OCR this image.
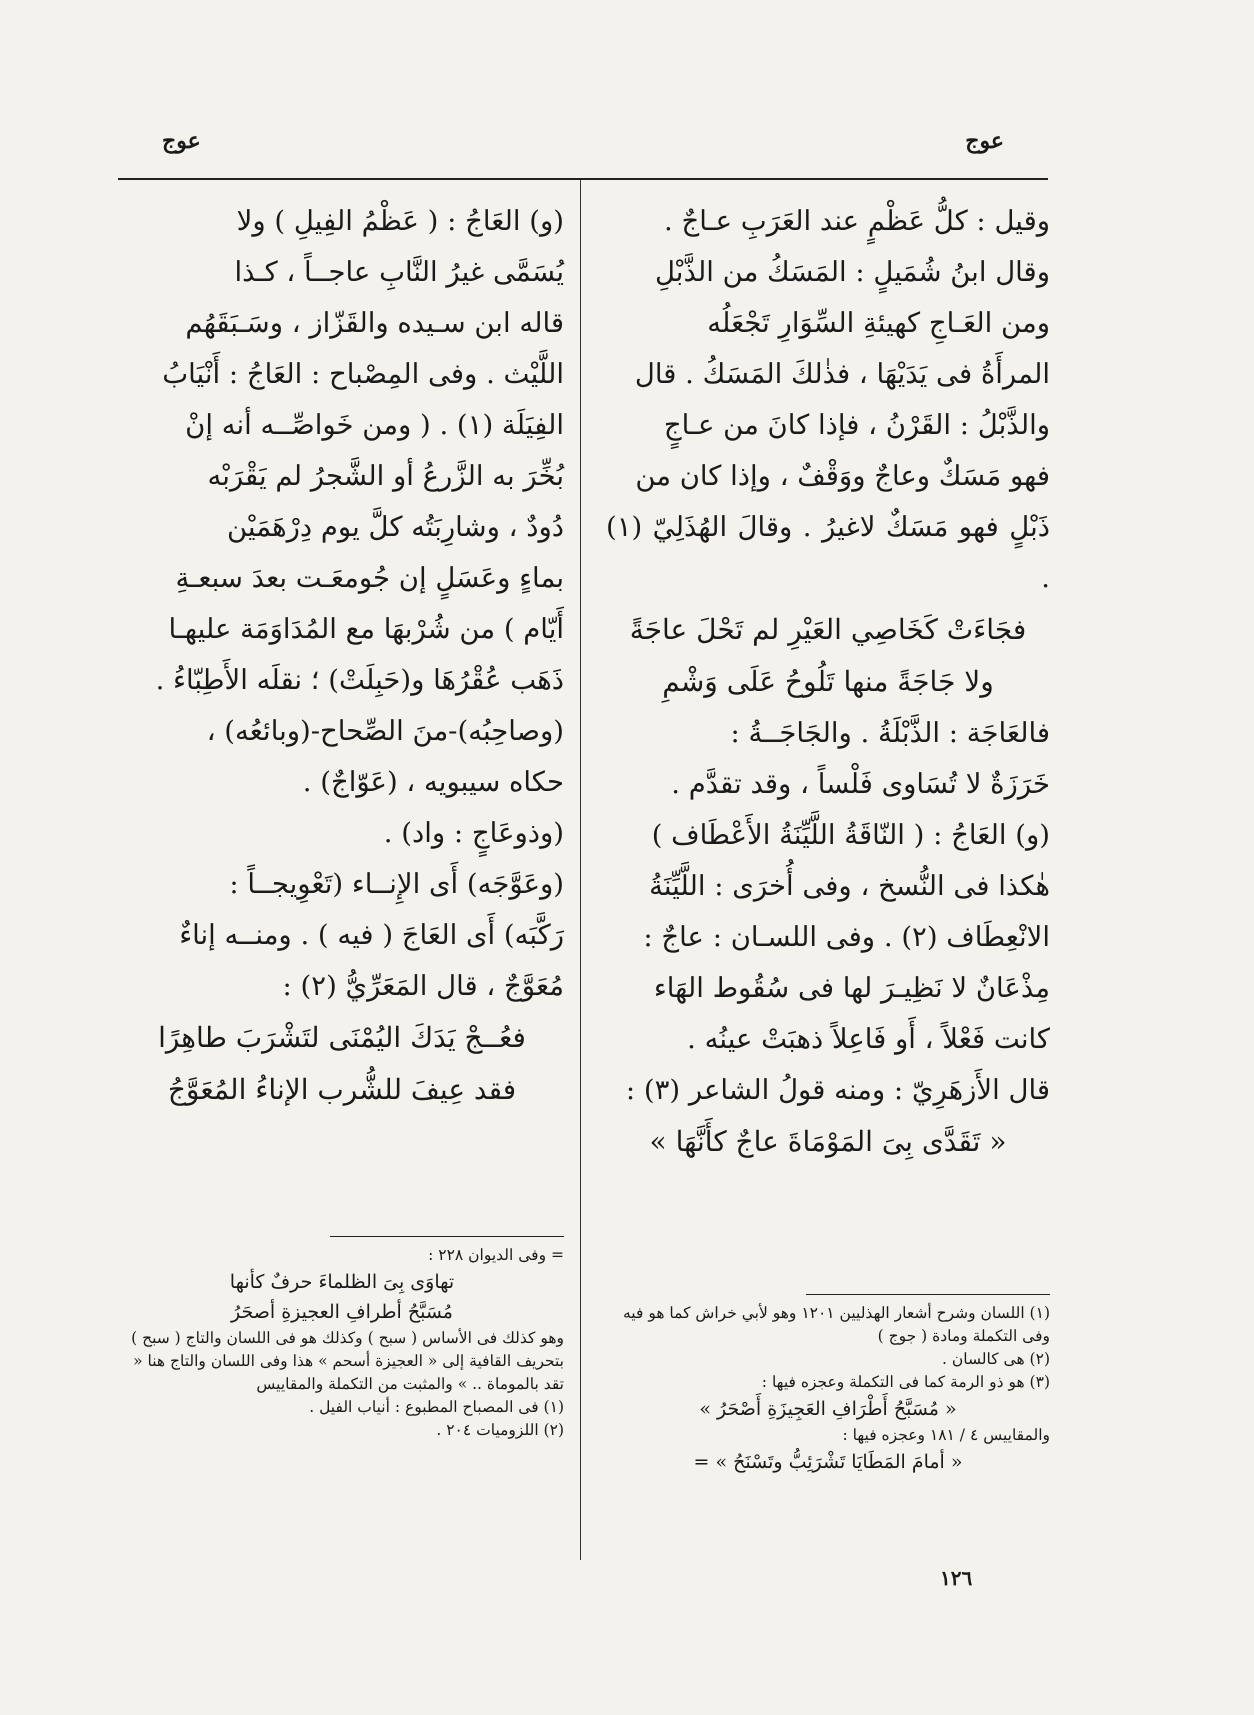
عوج
عوج

وقيل : كلُّ عَظْمٍ عند العَرَبِ عـاجٌ .

وقال ابنُ شُمَيلٍ : المَسَكُ من الذَّبْلِ

ومن العَـاجِ كهيئةِ السِّوَارِ تَجْعَلُه

المرأَةُ فى يَدَيْهَا ، فذٰلكَ المَسَكُ . قال

والذَّبْلُ : القَرْنُ ، فإذا كانَ من عـاجٍ

فهو مَسَكٌ وعاجٌ ووَقْفٌ ، وإذا كان من

ذَبْلٍ فهو مَسَكٌ لاغيرُ . وقالَ الهُذَلِيّ (١) .

فجَاءَتْ كَخَاصِي العَيْرِ لم تَحْلَ عاجَةً

ولا جَاجَةً منها تَلُوحُ عَلَى وَشْمِ

فالعَاجَة : الذَّبْلَةُ . والجَاجَــةُ :

خَرَزَةٌ لا تُسَاوى فَلْساً ، وقد تقدَّم .

(و) العَاجُ : ( النّاقَةُ اللَّيِّنَةُ الأَعْطَاف )

هٰكذا فى النُّسخ ، وفى أُخرَى : اللَّيِّنَةُ

الانْعِطَاف (٢) . وفى اللسـان : عاجٌ :

مِذْعَانٌ لا نَظِيـرَ لها فى سُقُوط الهَاء

كانت فَعْلاً ، أَو فَاعِلاً ذهبَتْ عينُه .

قال الأَزهَرِيّ : ومنه قولُ الشاعر (٣) :

« تَقَدَّى بِىَ المَوْمَاةَ عاجٌ كأَنَّهَا »

(و) العَاجُ : ( عَظْمُ الفِيلِ ) ولا

يُسَمَّى غيرُ النَّابِ عاجــاً ، كـذا

قاله ابن سـيده والقَزّاز ، وسَـبَقَهُم

اللَّيْث . وفى المِصْباح : العَاجُ : أَنْيَابُ

الفِيَلَة (١) . ( ومن خَواصِّــه أنه إنْ

بُخِّرَ به الزَّرعُ أو الشَّجرُ لم يَقْرَبْه

دُودٌ ، وشارِبَتُه كلَّ يوم دِرْهَمَيْن

بماءٍ وعَسَلٍ إن جُومعَـت بعدَ سبعـةِ

أَيّام ) من شُرْبهَا مع المُدَاوَمَة عليهـا

ذَهَب عُقْرُهَا و(حَبِلَتْ) ؛ نقلَه الأَطِبّاءُ .

(وصاحِبُه)-منَ الصِّحاح-(وبائعُه) ،

حكاه سيبويه ، (عَوّاجٌ) .

(وذوعَاجٍ : واد) .

(وعَوَّجَه) أَى الإِنــاء (تَعْوِيجــاً :

رَكَّبَه) أَى العَاجَ ( فيه ) . ومنــه إناءٌ

مُعَوَّجٌ ، قال المَعَرِّيُّ (٢) :

فعُــجْ يَدَكَ اليُمْنَى لتَشْرَبَ طاهِرًا

فقد عِيفَ للشُّرب الإناءُ المُعَوَّجُ

(١) اللسان وشرح أشعار الهذليين ١٢٠١ وهو لأبي خراش كما هو فيه وفى التكملة ومادة ( جوج )

(٢) هى كالسان .

(٣) هو ذو الرمة كما فى التكملة وعجزه فيها :

« مُسَبَّحُ أَطْرَافِ العَجِيزَةِ أَصْحَرُ »

والمقاييس ٤ / ١٨١ وعجزه فيها :

« أمامَ المَطَايَا تَشْرَئِبُّ وتَسْنَحُ » =

= وفى الديوان ٢٢٨ :

تهاوَى بِىَ الظلماءَ حرفٌ كأنها

مُسَبَّحُ أطرافِ العجيزةِ أصحَرُ

وهو كذلك فى الأساس ( سبح ) وكذلك هو فى اللسان والتاج ( سبح ) بتحريف القافية إلى « العجيزة أسحم » هذا وفى اللسان والتاج هنا « تقد بالموماة .. » والمثبت من التكملة والمقاييس

(١) فى المصباح المطبوع : أنياب الفيل .

(٢) اللزوميات ٢٠٤ .

١٢٦
